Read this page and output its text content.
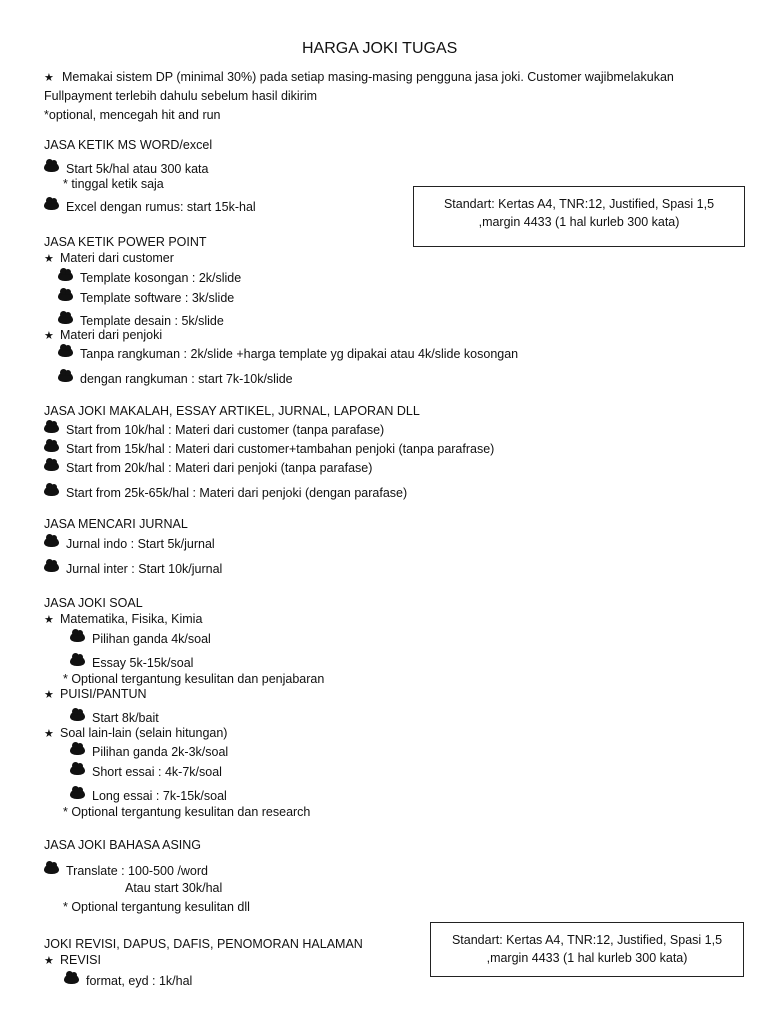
HARGA JOKI TUGAS
★ Memakai sistem DP (minimal 30%) pada setiap masing-masing pengguna jasa joki. Customer wajibmelakukan
Fullpayment terlebih dahulu sebelum hasil dikirim
*optional, mencegah hit and run
JASA KETIK MS WORD/excel
Start 5k/hal atau 300 kata
* tinggal ketik saja
Excel dengan rumus: start 15k-hal	Standart: Kertas A4, TNR:12, Justified, Spasi 1,5
,margin 4433 (1 hal kurleb 300 kata)
JASA KETIK POWER POINT
★ Materi dari customer
Template kosongan : 2k/slide
Template software : 3k/slide
Template desain : 5k/slide
★ Materi dari penjoki
Tanpa rangkuman : 2k/slide +harga template yg dipakai atau 4k/slide kosongan
dengan rangkuman : start 7k-10k/slide
JASA JOKI MAKALAH, ESSAY ARTIKEL, JURNAL, LAPORAN DLL
Start from 10k/hal : Materi dari customer (tanpa parafase)
Start from 15k/hal : Materi dari customer+tambahan penjoki (tanpa parafrase)
Start from 20k/hal : Materi dari penjoki (tanpa parafase)
Start from 25k-65k/hal : Materi dari penjoki (dengan parafase)
JASA MENCARI JURNAL
Jurnal indo : Start 5k/jurnal
Jurnal inter : Start 10k/jurnal
JASA JOKI SOAL
★ Matematika, Fisika, Kimia
Pilihan ganda 4k/soal
Essay 5k-15k/soal
* Optional tergantung kesulitan dan penjabaran
★ PUISI/PANTUN
Start 8k/bait
★ Soal lain-lain (selain hitungan)
Pilihan ganda 2k-3k/soal
Short essai : 4k-7k/soal
Long essai : 7k-15k/soal
* Optional tergantung kesulitan dan research
JASA JOKI BAHASA ASING
Translate : 100-500 /word
Atau start 30k/hal
* Optional tergantung kesulitan dll
Standart: Kertas A4, TNR:12, Justified, Spasi 1,5
,margin 4433 (1 hal kurleb 300 kata)
JOKI REVISI, DAPUS, DAFIS, PENOMORAN HALAMAN
★ REVISI
format, eyd : 1k/hal
